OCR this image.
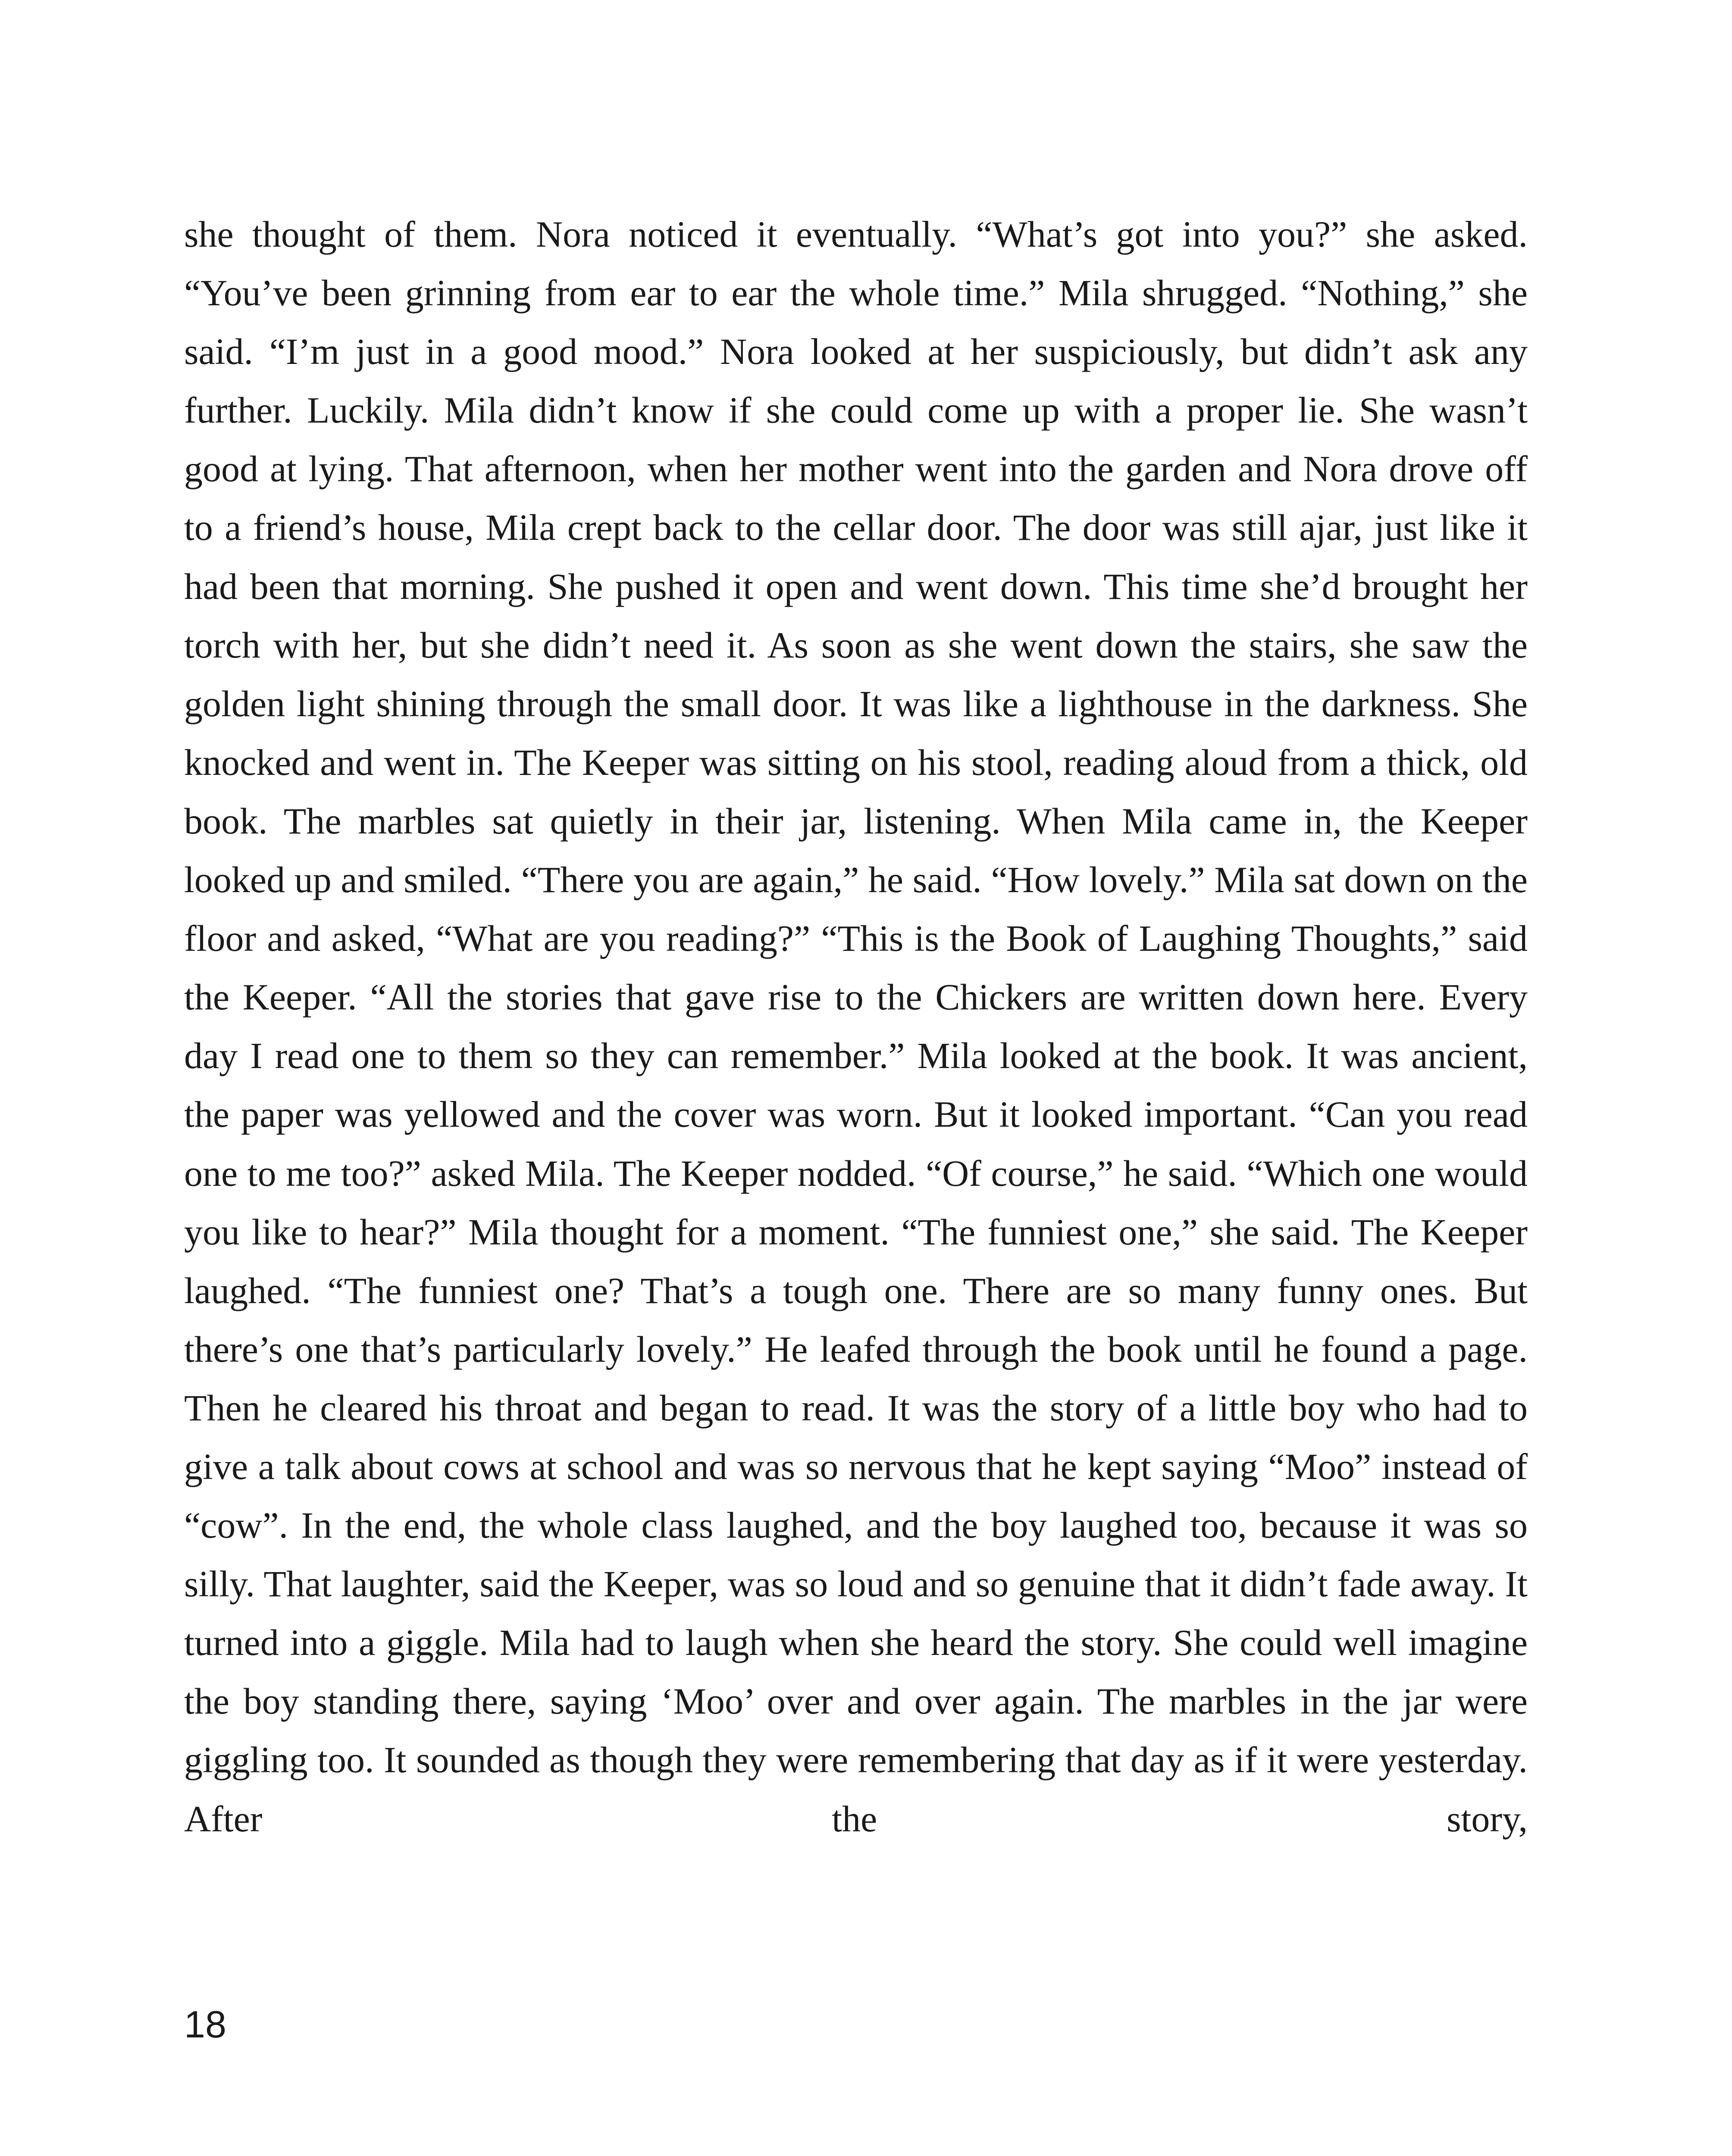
she thought of them. Nora noticed it eventually. “What’s got into you?” she asked. “You’ve been grinning from ear to ear the whole time.” Mila shrugged. “Nothing,” she said. “I’m just in a good mood.” Nora looked at her suspiciously, but didn’t ask any further. Luckily. Mila didn’t know if she could come up with a proper lie. She wasn’t good at lying. That afternoon, when her mother went into the garden and Nora drove off to a friend’s house, Mila crept back to the cellar door. The door was still ajar, just like it had been that morning. She pushed it open and went down. This time she’d brought her torch with her, but she didn’t need it. As soon as she went down the stairs, she saw the golden light shining through the small door. It was like a lighthouse in the darkness. She knocked and went in. The Keeper was sitting on his stool, reading aloud from a thick, old book. The marbles sat quietly in their jar, listening. When Mila came in, the Keeper looked up and smiled. “There you are again,” he said. “How lovely.” Mila sat down on the floor and asked, “What are you reading?” “This is the Book of Laughing Thoughts,” said the Keeper. “All the stories that gave rise to the Chickers are written down here. Every day I read one to them so they can remember.” Mila looked at the book. It was ancient, the paper was yellowed and the cover was worn. But it looked important. “Can you read one to me too?” asked Mila. The Keeper nodded. “Of course,” he said. “Which one would you like to hear?” Mila thought for a moment. “The funniest one,” she said. The Keeper laughed. “The funniest one? That’s a tough one. There are so many funny ones. But there’s one that’s particularly lovely.” He leafed through the book until he found a page. Then he cleared his throat and began to read. It was the story of a little boy who had to give a talk about cows at school and was so nervous that he kept saying “Moo” instead of “cow”. In the end, the whole class laughed, and the boy laughed too, because it was so silly. That laughter, said the Keeper, was so loud and so genuine that it didn’t fade away. It turned into a giggle. Mila had to laugh when she heard the story. She could well imagine the boy standing there, saying ‘Moo’ over and over again. The marbles in the jar were giggling too. It sounded as though they were remembering that day as if it were yesterday. After the story,

18
